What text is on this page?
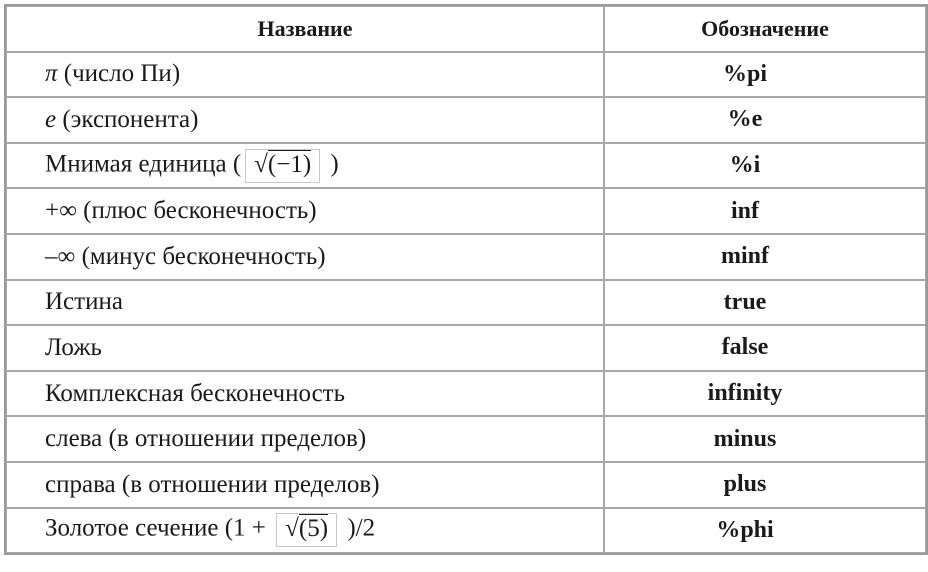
Название	Обозначение
π (число Пи)	%pi
e (экспонента)	%e
Мнимая единица ( √(−1) )	%i
+∞ (плюс бесконечность)	inf
–∞ (минус бесконечность)	minf
Истина	true
Ложь	false
Комплексная бесконечность	infinity
слева (в отношении пределов)	minus
справа (в отношении пределов)	plus
Золотое сечение (1 + √(5) )/2	%phi
